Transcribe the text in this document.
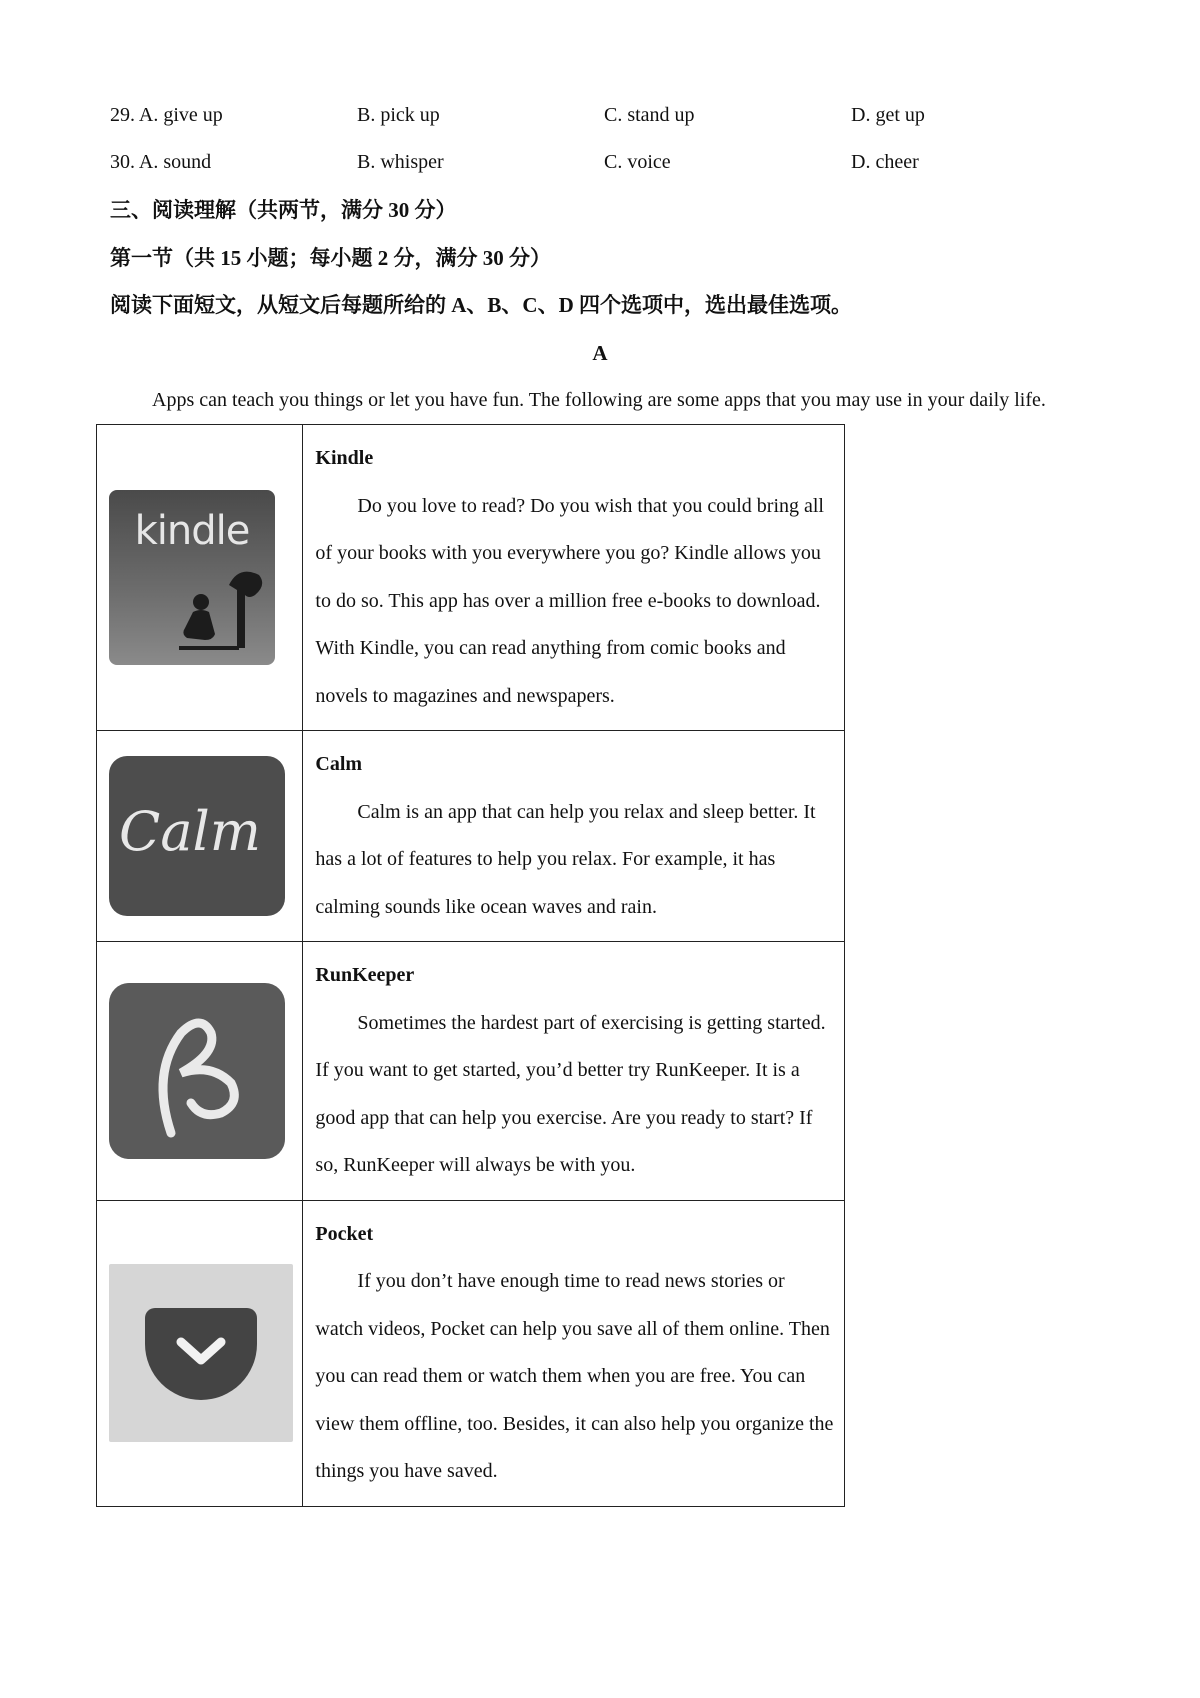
29. A. give up	B. pick up	C. stand up	D. get up
30. A. sound	B. whisper	C. voice	D. cheer
三、阅读理解（共两节，满分 30 分）
第一节（共 15 小题；每小题 2 分，满分 30 分）
阅读下面短文，从短文后每题所给的 A、B、C、D 四个选项中，选出最佳选项。
A
Apps can teach you things or let you have fun. The following are some apps that you may use in your daily life.
kindle	Kindle
Do you love to read? Do you wish that you could bring all of your books with you everywhere you go? Kindle allows you to do so. This app has over a million free e-books to download. With Kindle, you can read anything from comic books and novels to magazines and newspapers.

Calm	Calm
Calm is an app that can help you relax and sleep better. It has a lot of features to help you relax. For example, it has calming sounds like ocean waves and rain.

RunKeeper
Sometimes the hardest part of exercising is getting started. If you want to get started, you’d better try RunKeeper. It is a good app that can help you exercise. Are you ready to start? If so, RunKeeper will always be with you.

Pocket
If you don’t have enough time to read news stories or watch videos, Pocket can help you save all of them online. Then you can read them or watch them when you are free. You can view them offline, too. Besides, it can also help you organize the things you have saved.
